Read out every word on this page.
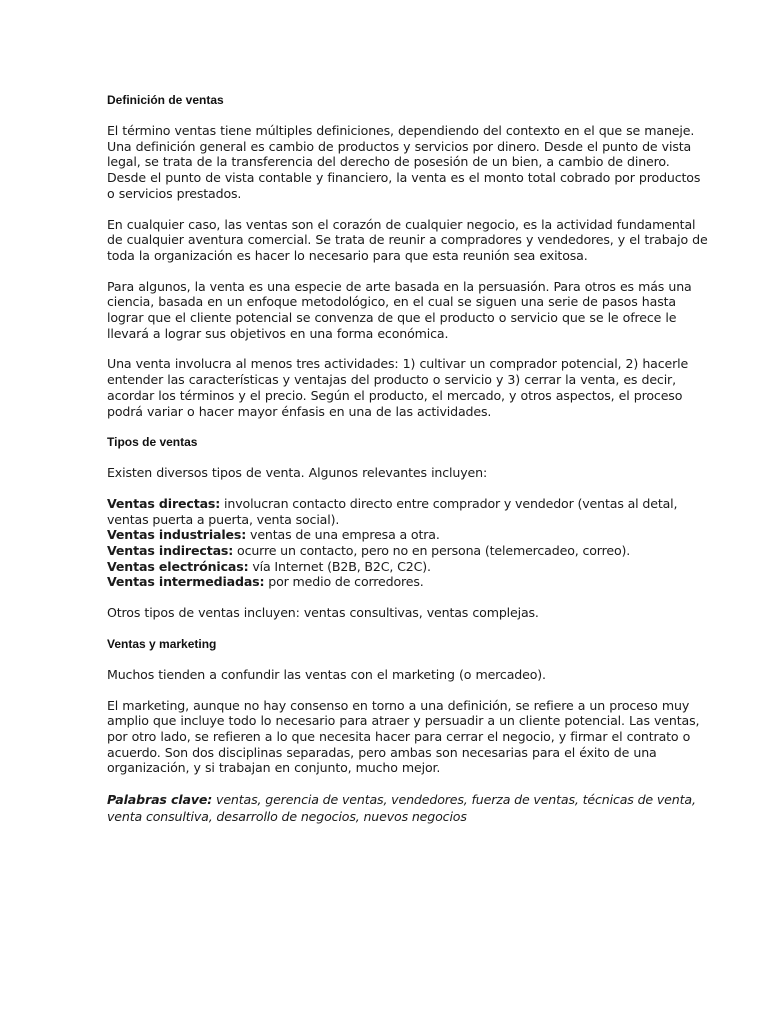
Definición de ventas

El término ventas tiene múltiples definiciones, dependiendo del contexto en el que se maneje. Una definición general es cambio de productos y servicios por dinero. Desde el punto de vista legal, se trata de la transferencia del derecho de posesión de un bien, a cambio de dinero. Desde el punto de vista contable y financiero, la venta es el monto total cobrado por productos o servicios prestados.

En cualquier caso, las ventas son el corazón de cualquier negocio, es la actividad fundamental de cualquier aventura comercial. Se trata de reunir a compradores y vendedores, y el trabajo de toda la organización es hacer lo necesario para que esta reunión sea exitosa.

Para algunos, la venta es una especie de arte basada en la persuasión. Para otros es más una ciencia, basada en un enfoque metodológico, en el cual se siguen una serie de pasos hasta lograr que el cliente potencial se convenza de que el producto o servicio que se le ofrece le llevará a lograr sus objetivos en una forma económica.

Una venta involucra al menos tres actividades: 1) cultivar un comprador potencial, 2) hacerle entender las características y ventajas del producto o servicio y 3) cerrar la venta, es decir, acordar los términos y el precio. Según el producto, el mercado, y otros aspectos, el proceso podrá variar o hacer mayor énfasis en una de las actividades.

Tipos de ventas

Existen diversos tipos de venta. Algunos relevantes incluyen:

Ventas directas: involucran contacto directo entre comprador y vendedor (ventas al detal, ventas puerta a puerta, venta social).
Ventas industriales: ventas de una empresa a otra.
Ventas indirectas: ocurre un contacto, pero no en persona (telemercadeo, correo).
Ventas electrónicas: vía Internet (B2B, B2C, C2C).
Ventas intermediadas: por medio de corredores.

Otros tipos de ventas incluyen: ventas consultivas, ventas complejas.

Ventas y marketing

Muchos tienden a confundir las ventas con el marketing (o mercadeo).

El marketing, aunque no hay consenso en torno a una definición, se refiere a un proceso muy amplio que incluye todo lo necesario para atraer y persuadir a un cliente potencial. Las ventas, por otro lado, se refieren a lo que necesita hacer para cerrar el negocio, y firmar el contrato o acuerdo. Son dos disciplinas separadas, pero ambas son necesarias para el éxito de una organización, y si trabajan en conjunto, mucho mejor.

Palabras clave: ventas, gerencia de ventas, vendedores, fuerza de ventas, técnicas de venta, venta consultiva, desarrollo de negocios, nuevos negocios
